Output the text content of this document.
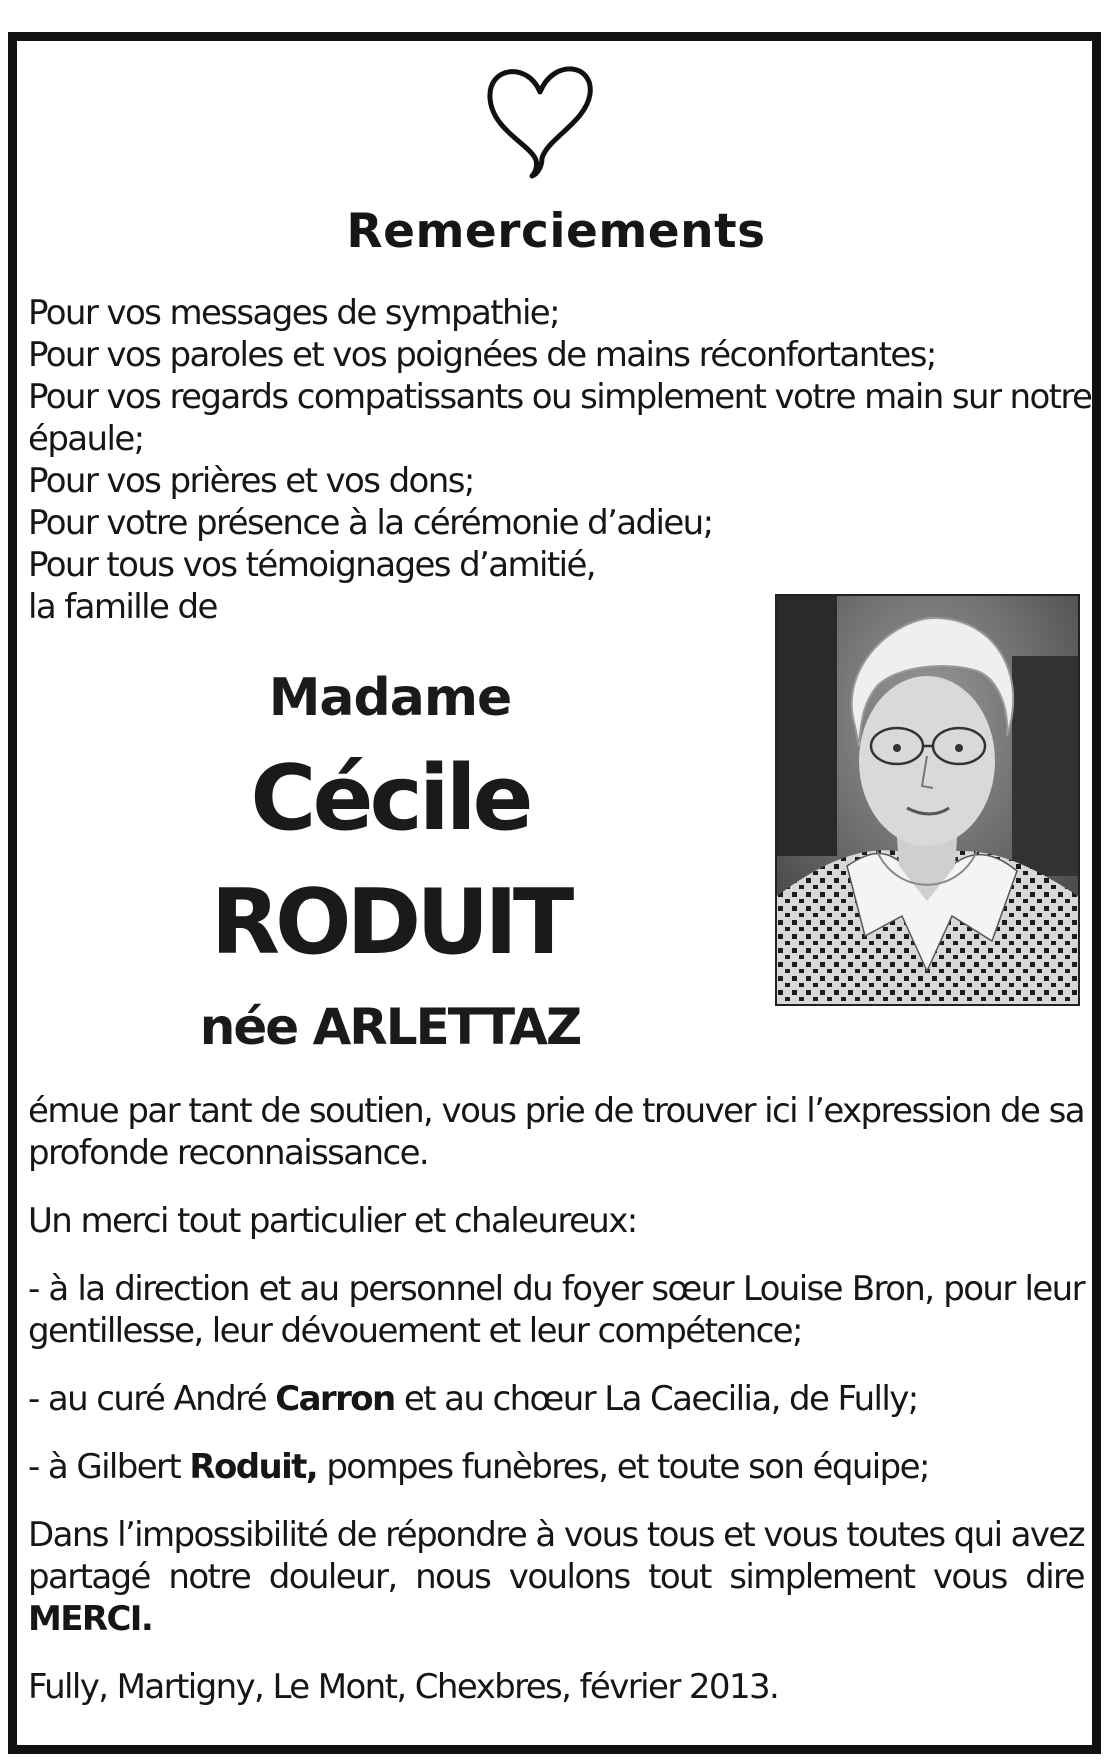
Remerciements
Pour vos messages de sympathie;
Pour vos paroles et vos poignées de mains réconfortantes;
Pour vos regards compatissants ou simplement votre main sur notre
épaule;
Pour vos prières et vos dons;
Pour votre présence à la cérémonie d’adieu;
Pour tous vos témoignages d’amitié,
la famille de
Madame
Cécile
RODUIT
née ARLETTAZ

émue par tant de soutien, vous prie de trouver ici l’expression de sa profonde reconnaissance.

Un merci tout particulier et chaleureux:

- à la direction et au personnel du foyer sœur Louise Bron, pour leur gentillesse, leur dévouement et leur compétence;

- au curé André Carron et au chœur La Caecilia, de Fully;

- à Gilbert Roduit, pompes funèbres, et toute son équipe;

Dans l’impossibilité de répondre à vous tous et vous toutes qui avez partagé notre douleur, nous voulons tout simplement vous dire MERCI.

Fully, Martigny, Le Mont, Chexbres, février 2013.
